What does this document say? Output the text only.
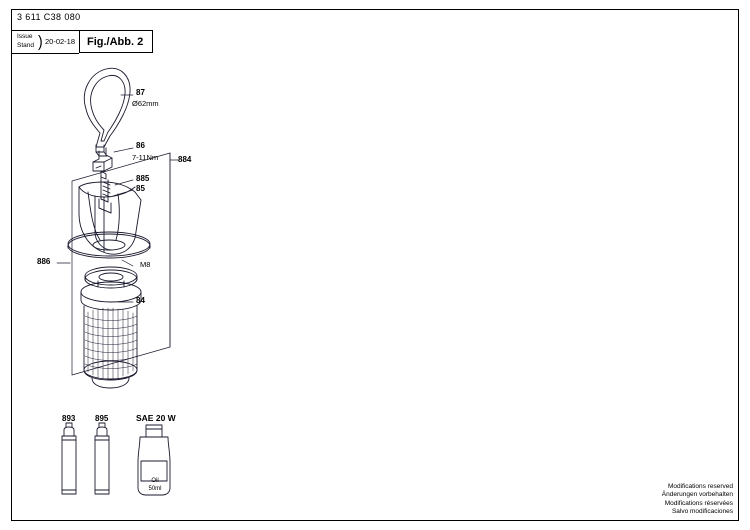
3 611 C38 080
Issue
Stand ) 20-02-18 Fig./Abb. 2
87
Ø62mm
86
7-11Nm
885
85
884
886	M8
84
893 895	SAE 20 W
Oil
50ml	Modifications reserved
Änderungen vorbehalten
Modifications réservées
Salvo modificaciones
